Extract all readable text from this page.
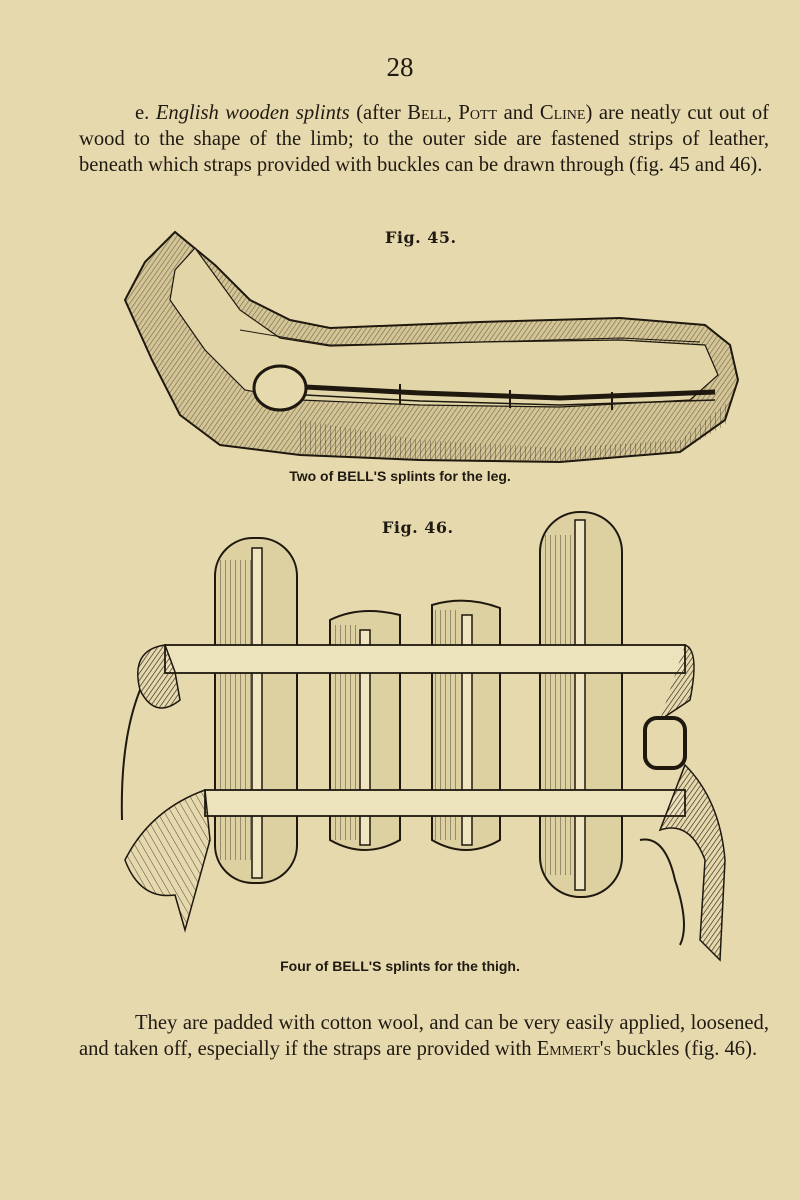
28
e. English wooden splints (after Bell, Pott and Cline) are neatly cut out of wood to the shape of the limb; to the outer side are fastened strips of leather, beneath which straps provided with buckles can be drawn through (fig. 45 and 46).
Fig. 45.
Two of BELL'S splints for the leg.
Fig. 46.
Four of BELL'S splints for the thigh.
They are padded with cotton wool, and can be very easily applied, loosened, and taken off, especially if the straps are provided with Emmert's buckles (fig. 46).
